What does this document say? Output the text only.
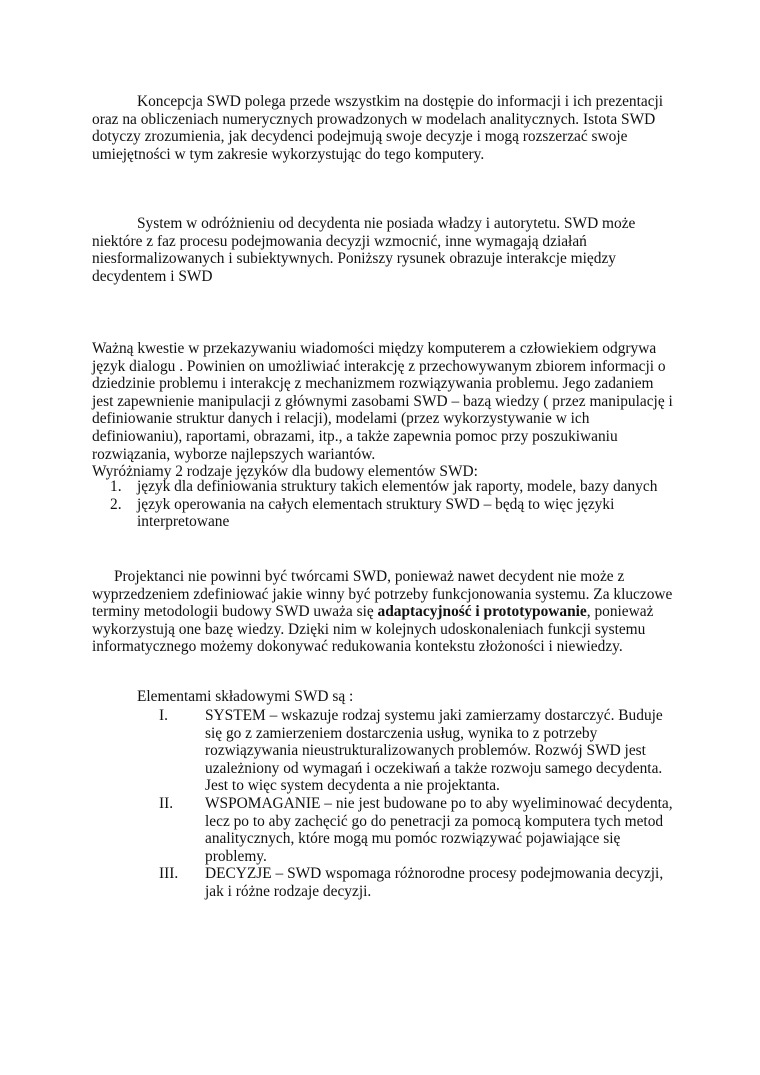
Koncepcja SWD polega przede wszystkim na dostępie do informacji i ich prezentacji oraz na obliczeniach numerycznych prowadzonych w modelach analitycznych. Istota SWD dotyczy zrozumienia, jak decydenci podejmują swoje decyzje i mogą rozszerzać swoje umiejętności w tym zakresie wykorzystując do tego komputery.

System w odróżnieniu od decydenta nie posiada władzy i autorytetu. SWD może niektóre z faz procesu podejmowania decyzji wzmocnić, inne wymagają działań niesformalizowanych i subiektywnych. Poniższy rysunek obrazuje interakcje między decydentem i SWD

Ważną kwestie w przekazywaniu wiadomości między komputerem a człowiekiem odgrywa język dialogu . Powinien on umożliwiać interakcję z przechowywanym zbiorem informacji o dziedzinie problemu i interakcję z mechanizmem rozwiązywania problemu. Jego zadaniem jest zapewnienie manipulacji z głównymi zasobami SWD – bazą wiedzy ( przez manipulację i definiowanie struktur danych i relacji), modelami (przez wykorzystywanie w ich definiowaniu), raportami, obrazami, itp., a także zapewnia pomoc przy poszukiwaniu rozwiązania, wyborze najlepszych wariantów.
Wyróżniamy 2 rodzaje języków dla budowy elementów SWD:

1. język dla definiowania struktury takich elementów jak raporty, modele, bazy danych
2. język operowania na całych elementach struktury SWD – będą to więc języki interpretowane

Projektanci nie powinni być twórcami SWD, ponieważ nawet decydent nie może z wyprzedzeniem zdefiniować jakie winny być potrzeby funkcjonowania systemu. Za kluczowe terminy metodologii budowy SWD uważa się adaptacyjność i prototypowanie, ponieważ wykorzystują one bazę wiedzy. Dzięki nim w kolejnych udoskonaleniach funkcji systemu informatycznego możemy dokonywać redukowania kontekstu złożoności i niewiedzy.

Elementami składowymi SWD są :

I. SYSTEM – wskazuje rodzaj systemu jaki zamierzamy dostarczyć. Buduje się go z zamierzeniem dostarczenia usług, wynika to z potrzeby rozwiązywania nieustrukturalizowanych problemów. Rozwój SWD jest uzależniony od wymagań i oczekiwań a także rozwoju samego decydenta. Jest to więc system decydenta a nie projektanta.
II. WSPOMAGANIE – nie jest budowane po to aby wyeliminować decydenta, lecz po to aby zachęcić go do penetracji za pomocą komputera tych metod analitycznych, które mogą mu pomóc rozwiązywać pojawiające się problemy.
III. DECYZJE – SWD wspomaga różnorodne procesy podejmowania decyzji, jak i różne rodzaje decyzji.
